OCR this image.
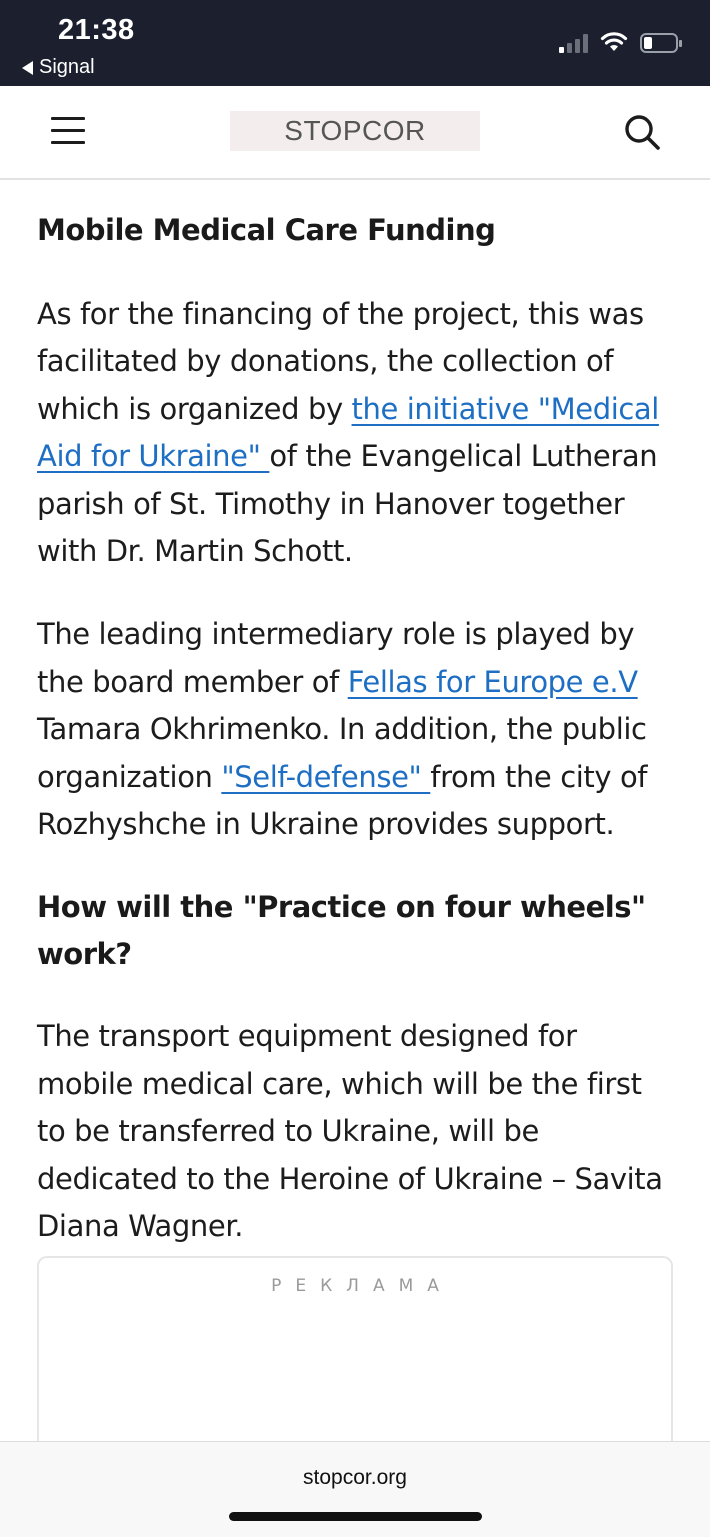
21:38
Signal
STOPCOR
Mobile Medical Care Funding

As for the financing of the project, this was facilitated by donations, the collection of which is organized by the initiative "Medical Aid for Ukraine" of the Evangelical Lutheran parish of St. Timothy in Hanover together with Dr. Martin Schott.

The leading intermediary role is played by the board member of Fellas for Europe e.V Tamara Okhrimenko. In addition, the public organization "Self-defense" from the city of Rozhyshche in Ukraine provides support.

How will the "Practice on four wheels" work?

The transport equipment designed for mobile medical care, which will be the first to be transferred to Ukraine, will be dedicated to the Heroine of Ukraine – Savita Diana Wagner.

РЕКЛАМА
stopcor.org
